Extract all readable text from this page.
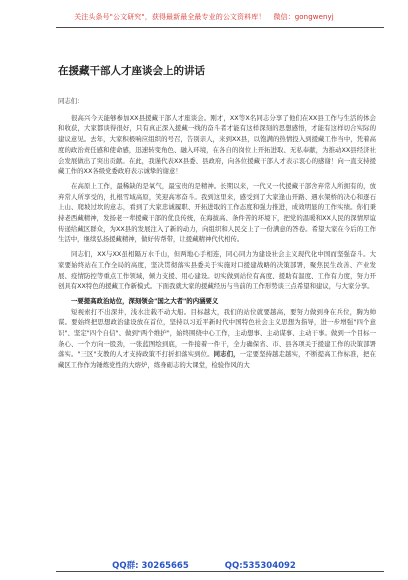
关注头条号"公文研究"，获得最新最全最专业的公文资料库！ 微信：gongwenyj
在援藏干部人才座谈会上的讲话

同志们：

很高兴今天能够参加XX县援藏干部人才座谈会。刚才，XX等X名同志分享了他们在XX县工作与生活的体会和收获，大家都谈得很好，只有真正深入援藏一线的奋斗者才能有这样深刻的思想感悟，才能有这样切合实际的建议意见。去年，大家积极响应组织的号召，告别亲人，来到XX县，以饱满的热情投入到援藏工作当中，凭着高度的政治责任感和使命感，迅速转变角色、融入环境，在各自的岗位上开拓进取、无私奉献，为推动XX县经济社会发展做出了突出贡献。在此，我谨代表XX县委、县政府，向各位援藏干部人才表示衷心的感谢！向一直支持援藏工作的XX各级党委政府表示诚挚的谢意！

在高原上工作，最稀缺的是氧气，最宝贵的是精神。长期以来，一代又一代援藏干部舍弃常人所拥有的，放弃常人所享受的，扎根雪域高原，笑迎高寒奋斗。我到这里来，感受到了大家逢山开路、遇水架桥的决心和逐石上山、爬坡过坎的意志，看到了大家忠诚履职、开拓进取的工作态度和强力推进，成效明显的工作实绩。你们秉持老西藏精神，发扬老一辈援藏干部的优良传统，在海拔高、条件苦的环境下，把党的温暖和XX人民的深情厚谊传递给藏区群众，为XX县的发展注入了新的动力，向组织和人民交上了一份满意的答卷。希望大家在今后的工作生活中，继续弘扬援藏精神，做好传帮带，让援藏精神代代相传。

同志们，XX与XX虽相隔万水千山，但两地心手相连，同心同力为建设社会主义现代化中国而坚强奋斗。大家要始终站在工作全局的高度，坚决贯彻落实县委关于实施对口援建战略的决策部署，聚焦民生改善、产业发展、疫情防控等重点工作领域，倾力支援、用心建设。切实做到站位有高度、援助有温度、工作有力度，努力开创具有XX特色的援藏工作新模式。下面我就大家的援藏经历与当前的工作形势谈三点希望和建议，与大家分享。

一要提高政治站位，深刻领会"国之大者"的内涵要义

短视索打不出深井，浅水注载不动大船。目标越大，我们的站位就要越高，要努力做到身在兵位，胸为帅谋。要始终把思想政治建设放在首位，坚持以习近平新时代中国特色社会主义思想为指导，进一步增强"四个意识"、坚定"四个自信"、做到"两个维护"，始终围绕中心工作，主动想事、主动谋事、主动干事。做到一个目标一条心、一个方向一股劲，一张蓝图绘到底，一件接着一件干，全力确保省、市、县各项关于援建工作的决策部署落实。"三区"支教的人才支持政策不打折扣落实到位。同志们，一定要坚持越走越实，不断提高工作标准，把在藏区工作作为锤炼党性的大熔炉，练身砺志的大课堂，检验作风的大

QQ群: 30265665	QQ:535304092
